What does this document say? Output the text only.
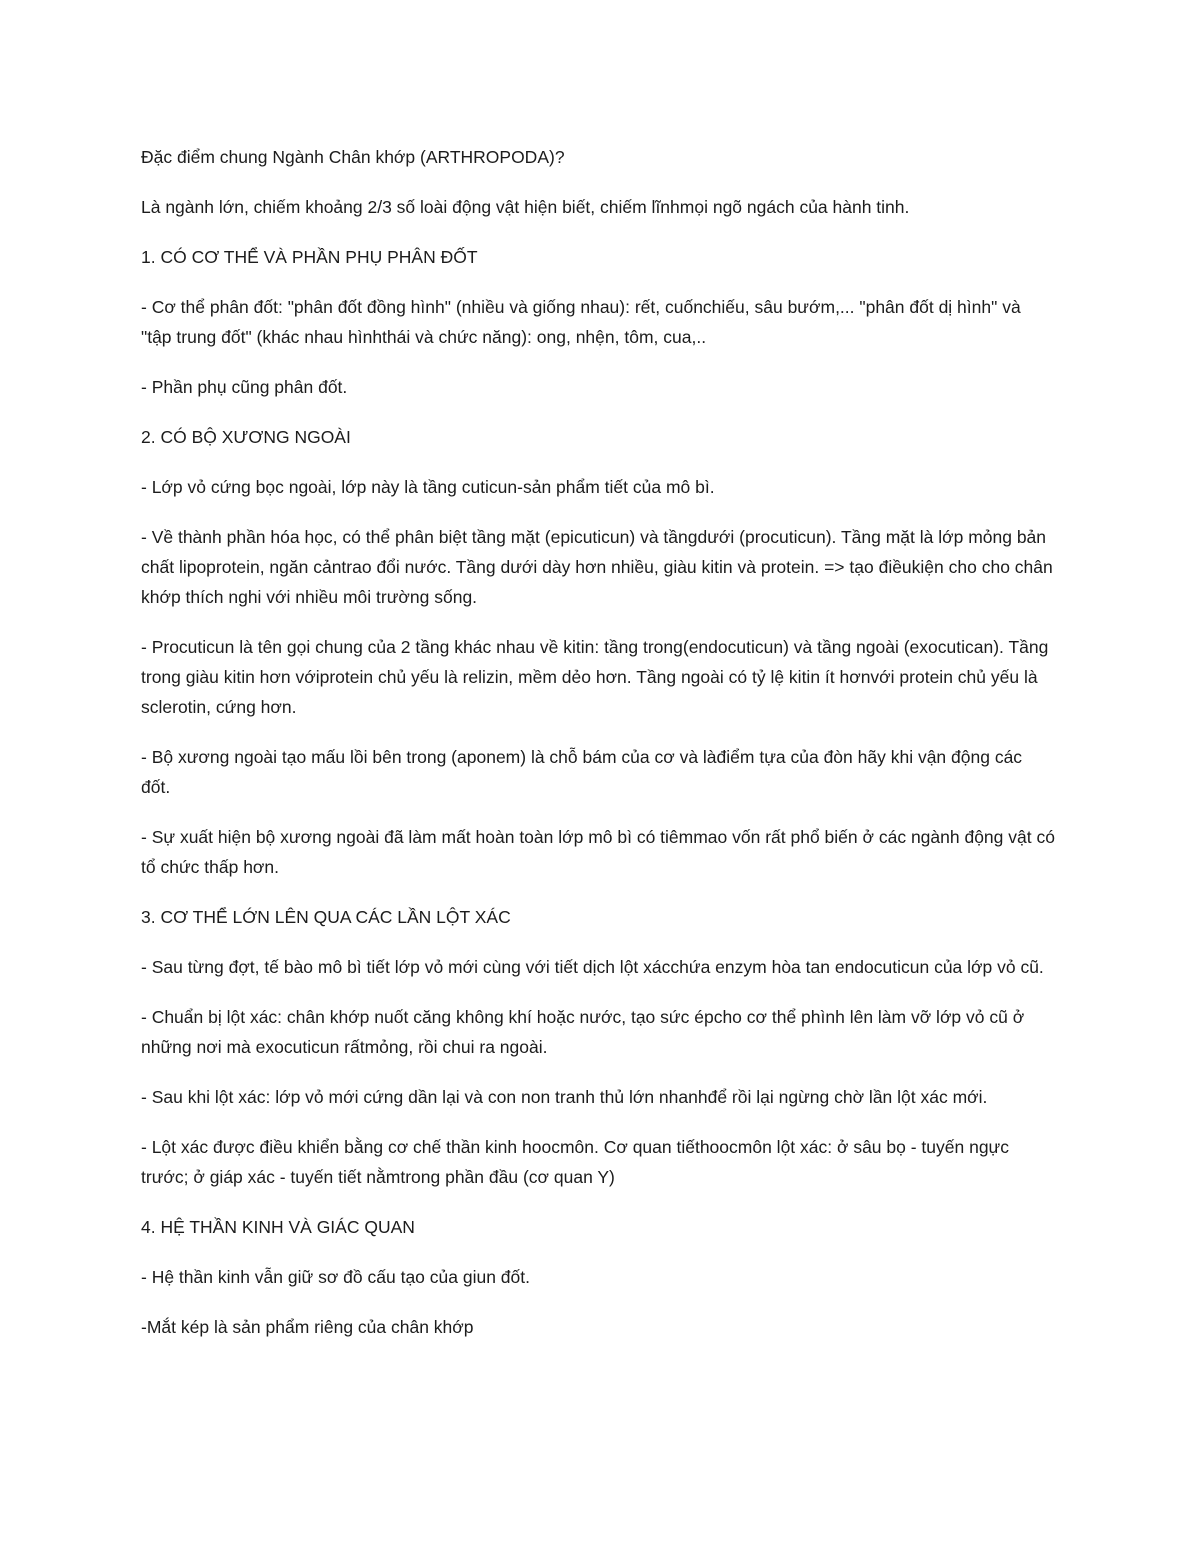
Đặc điểm chung Ngành Chân khớp (ARTHROPODA)?

Là ngành lớn, chiếm khoảng 2/3 số loài động vật hiện biết, chiếm lĩnhmọi ngõ ngách của hành tinh.

1. CÓ CƠ THỂ VÀ PHẦN PHỤ PHÂN ĐỐT

- Cơ thể phân đốt: "phân đốt đồng hình" (nhiều và giống nhau): rết, cuốnchiếu, sâu bướm,... "phân đốt dị hình" và "tập trung đốt" (khác nhau hìnhthái và chức năng): ong, nhện, tôm, cua,..

- Phần phụ cũng phân đốt.

2. CÓ BỘ XƯƠNG NGOÀI

- Lớp vỏ cứng bọc ngoài, lớp này là tầng cuticun-sản phẩm tiết của mô bì.

- Về thành phần hóa học, có thể phân biệt tầng mặt (epicuticun) và tầngdưới (procuticun). Tầng mặt là lớp mỏng bản chất lipoprotein, ngăn cảntrao đổi nước. Tầng dưới dày hơn nhiều, giàu kitin và protein. => tạo điềukiện cho cho chân khớp thích nghi với nhiều môi trường sống.

- Procuticun là tên gọi chung của 2 tầng khác nhau về kitin: tầng trong(endocuticun) và tầng ngoài (exocutican). Tầng trong giàu kitin hơn vớiprotein chủ yếu là relizin, mềm dẻo hơn. Tầng ngoài có tỷ lệ kitin ít hơnvới protein chủ yếu là sclerotin, cứng hơn.

- Bộ xương ngoài tạo mấu lồi bên trong (aponem) là chỗ bám của cơ và làđiểm tựa của đòn hãy khi vận động các đốt.

- Sự xuất hiện bộ xương ngoài đã làm mất hoàn toàn lớp mô bì có tiêmmao vốn rất phổ biến ở các ngành động vật có tổ chức thấp hơn.

3. CƠ THỂ LỚN LÊN QUA CÁC LẦN LỘT XÁC

- Sau từng đợt, tế bào mô bì tiết lớp vỏ mới cùng với tiết dịch lột xácchứa enzym hòa tan endocuticun của lớp vỏ cũ.

- Chuẩn bị lột xác: chân khớp nuốt căng không khí hoặc nước, tạo sức épcho cơ thể phình lên làm vỡ lớp vỏ cũ ở những nơi mà exocuticun rấtmỏng, rồi chui ra ngoài.

- Sau khi lột xác: lớp vỏ mới cứng dần lại và con non tranh thủ lớn nhanhđể rồi lại ngừng chờ lần lột xác mới.

- Lột xác được điều khiển bằng cơ chế thần kinh hoocmôn. Cơ quan tiếthoocmôn lột xác: ở sâu bọ - tuyến ngực trước; ở giáp xác - tuyến tiết nằmtrong phần đầu (cơ quan Y)

4. HỆ THẦN KINH VÀ GIÁC QUAN

- Hệ thần kinh vẫn giữ sơ đồ cấu tạo của giun đốt.

-Mắt kép là sản phẩm riêng của chân khớp
